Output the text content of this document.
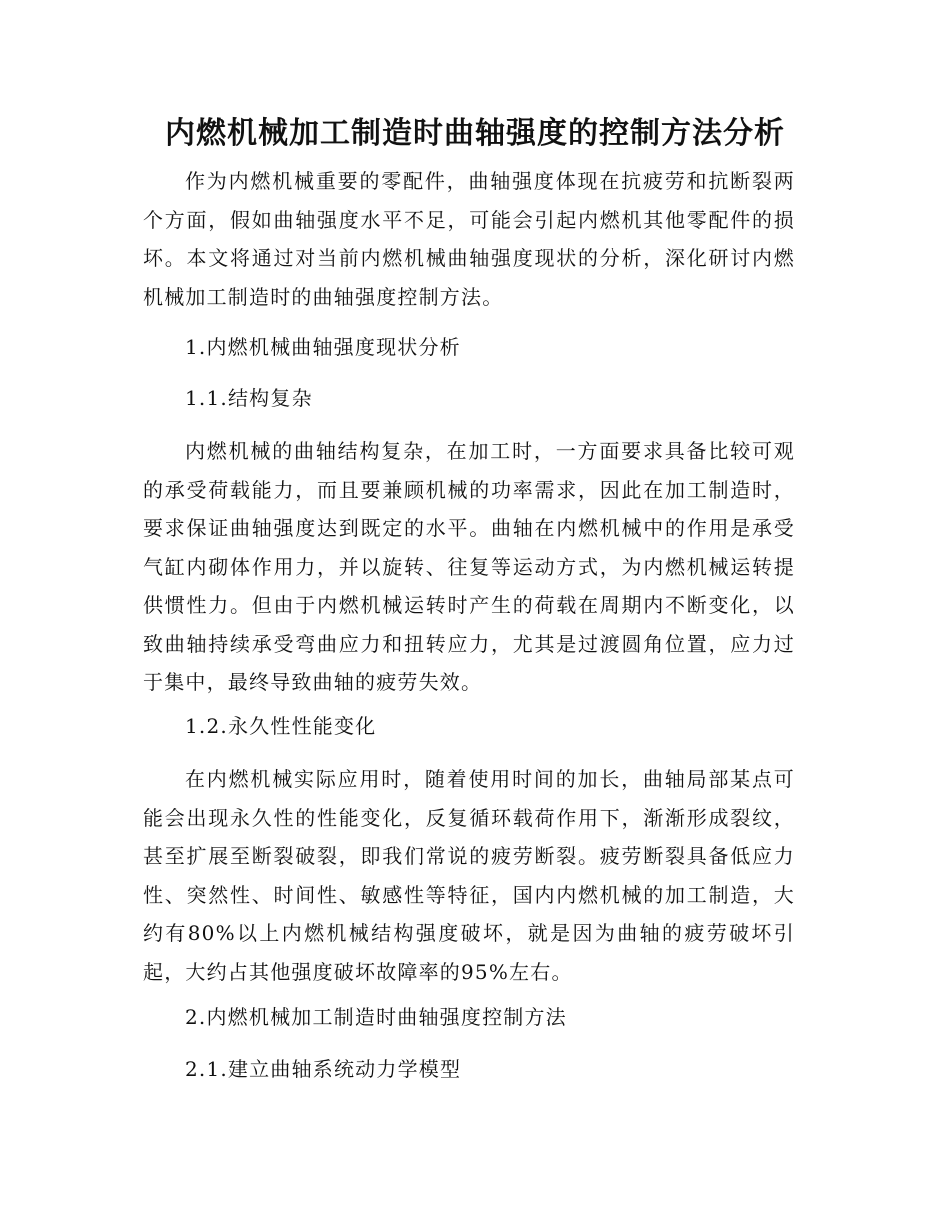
内燃机械加工制造时曲轴强度的控制方法分析

作为内燃机械重要的零配件，曲轴强度体现在抗疲劳和抗断裂两个方面，假如曲轴强度水平不足，可能会引起内燃机其他零配件的损坏。本文将通过对当前内燃机械曲轴强度现状的分析，深化研讨内燃机械加工制造时的曲轴强度控制方法。

1.内燃机械曲轴强度现状分析

1.1.结构复杂

内燃机械的曲轴结构复杂，在加工时，一方面要求具备比较可观的承受荷载能力，而且要兼顾机械的功率需求，因此在加工制造时，要求保证曲轴强度达到既定的水平。曲轴在内燃机械中的作用是承受气缸内砌体作用力，并以旋转、往复等运动方式，为内燃机械运转提供惯性力。但由于内燃机械运转时产生的荷载在周期内不断变化，以致曲轴持续承受弯曲应力和扭转应力，尤其是过渡圆角位置，应力过于集中，最终导致曲轴的疲劳失效。

1.2.永久性性能变化

在内燃机械实际应用时，随着使用时间的加长，曲轴局部某点可能会出现永久性的性能变化，反复循环载荷作用下，渐渐形成裂纹，甚至扩展至断裂破裂，即我们常说的疲劳断裂。疲劳断裂具备低应力性、突然性、时间性、敏感性等特征，国内内燃机械的加工制造，大约有80%以上内燃机械结构强度破坏，就是因为曲轴的疲劳破坏引起，大约占其他强度破坏故障率的95%左右。

2.内燃机械加工制造时曲轴强度控制方法

2.1.建立曲轴系统动力学模型
